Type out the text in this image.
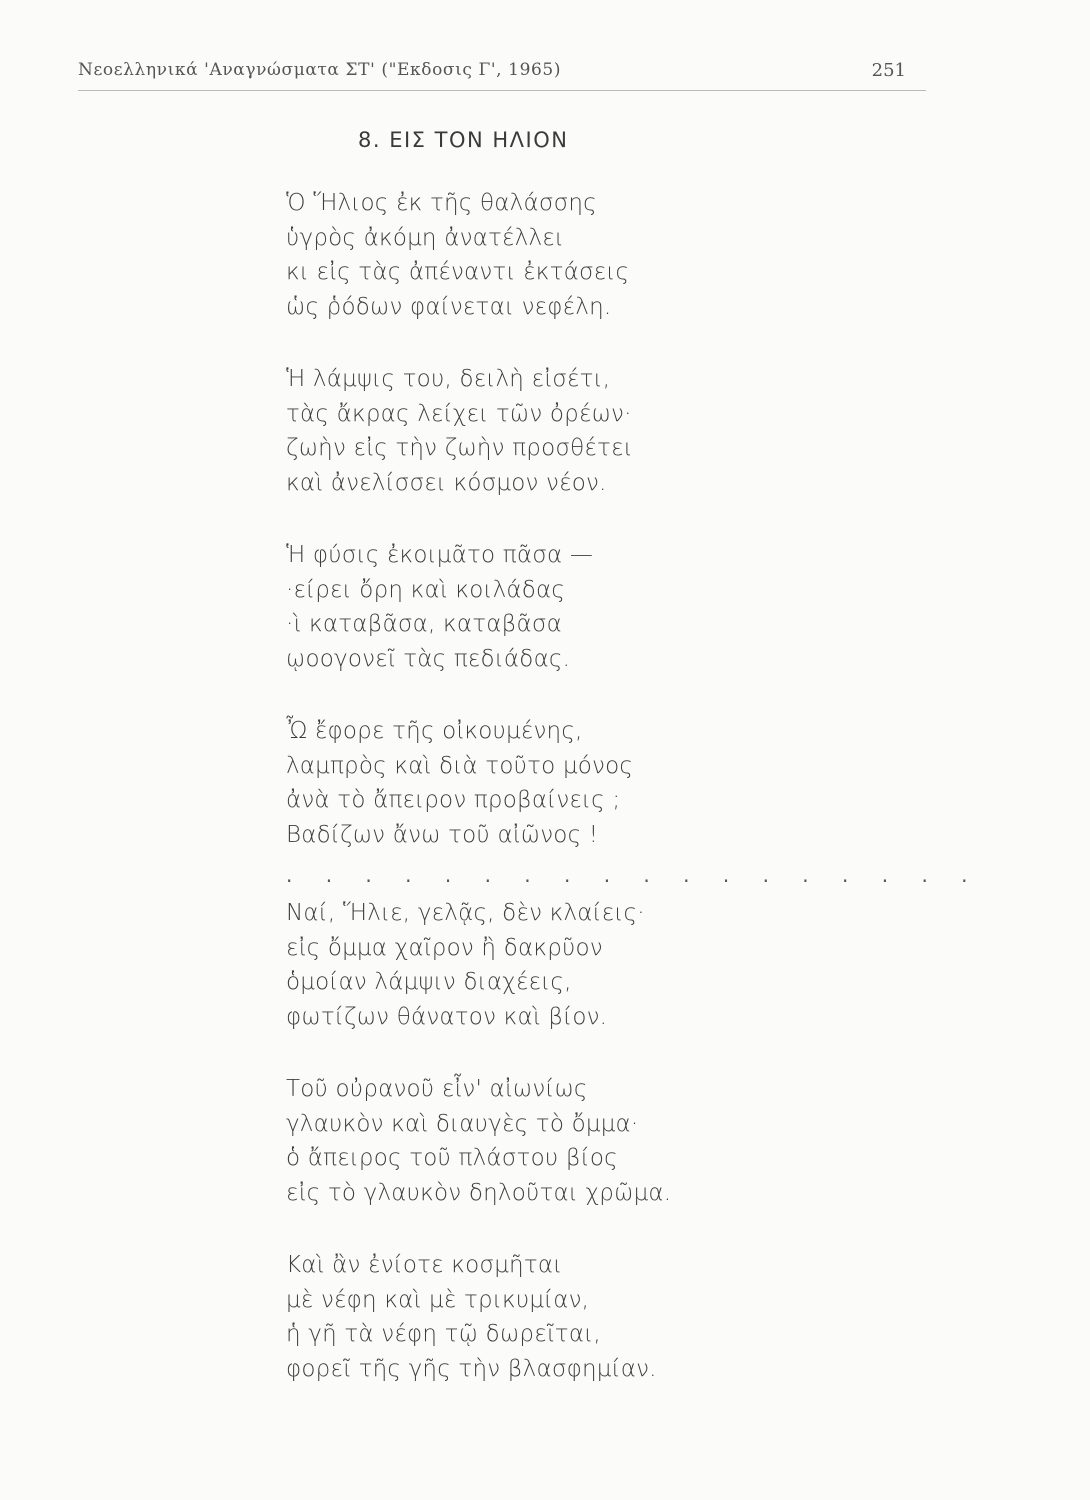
Νεοελληνικά 'Αναγνώσματα ΣΤ' ("Εκδοσις Γ', 1965)	251
8. ΕΙΣ ΤΟΝ ΗΛΙΟΝ
Ὁ Ἥλιος ἐκ τῆς θαλάσσης
ὑγρὸς ἀκόμη ἀνατέλλει
κι εἰς τὰς ἀπέναντι ἐκτάσεις
ὡς ῥόδων φαίνεται νεφέλη.
Ἡ λάμψις του, δειλὴ εἰσέτι,
τὰς ἄκρας λείχει τῶν ὀρέων·
ζωὴν εἰς τὴν ζωὴν προσθέτει
καὶ ἀνελίσσει κόσμον νέον.
Ἡ φύσις ἐκοιμᾶτο πᾶσα —
·είρει ὄρη καὶ κοιλάδας
·ὶ καταβᾶσα, καταβᾶσα
ῳοογονεῖ τὰς πεδιάδας.
Ὦ ἔφορε τῆς οἰκουμένης,
λαμπρὸς καὶ διὰ τοῦτο μόνος
ἀνὰ τὸ ἄπειρον προβαίνεις ;
Βαδίζων ἄνω τοῦ αἰῶνος !
. . . . . . . . . . . . . . . . . .
Ναί, Ἥλιε, γελᾷς, δὲν κλαίεις·
εἰς ὄμμα χαῖρον ἢ δακρῦον
ὁμοίαν λάμψιν διαχέεις,
φωτίζων θάνατον καὶ βίον.
Τοῦ οὐρανοῦ εἶν' αἰωνίως
γλαυκὸν καὶ διαυγὲς τὸ ὄμμα·
ὁ ἄπειρος τοῦ πλάστου βίος
εἰς τὸ γλαυκὸν δηλοῦται χρῶμα.
Καὶ ἂν ἐνίοτε κοσμῆται
μὲ νέφη καὶ μὲ τρικυμίαν,
ἡ γῆ τὰ νέφη τῷ δωρεῖται,
φορεῖ τῆς γῆς τὴν βλασφημίαν.
